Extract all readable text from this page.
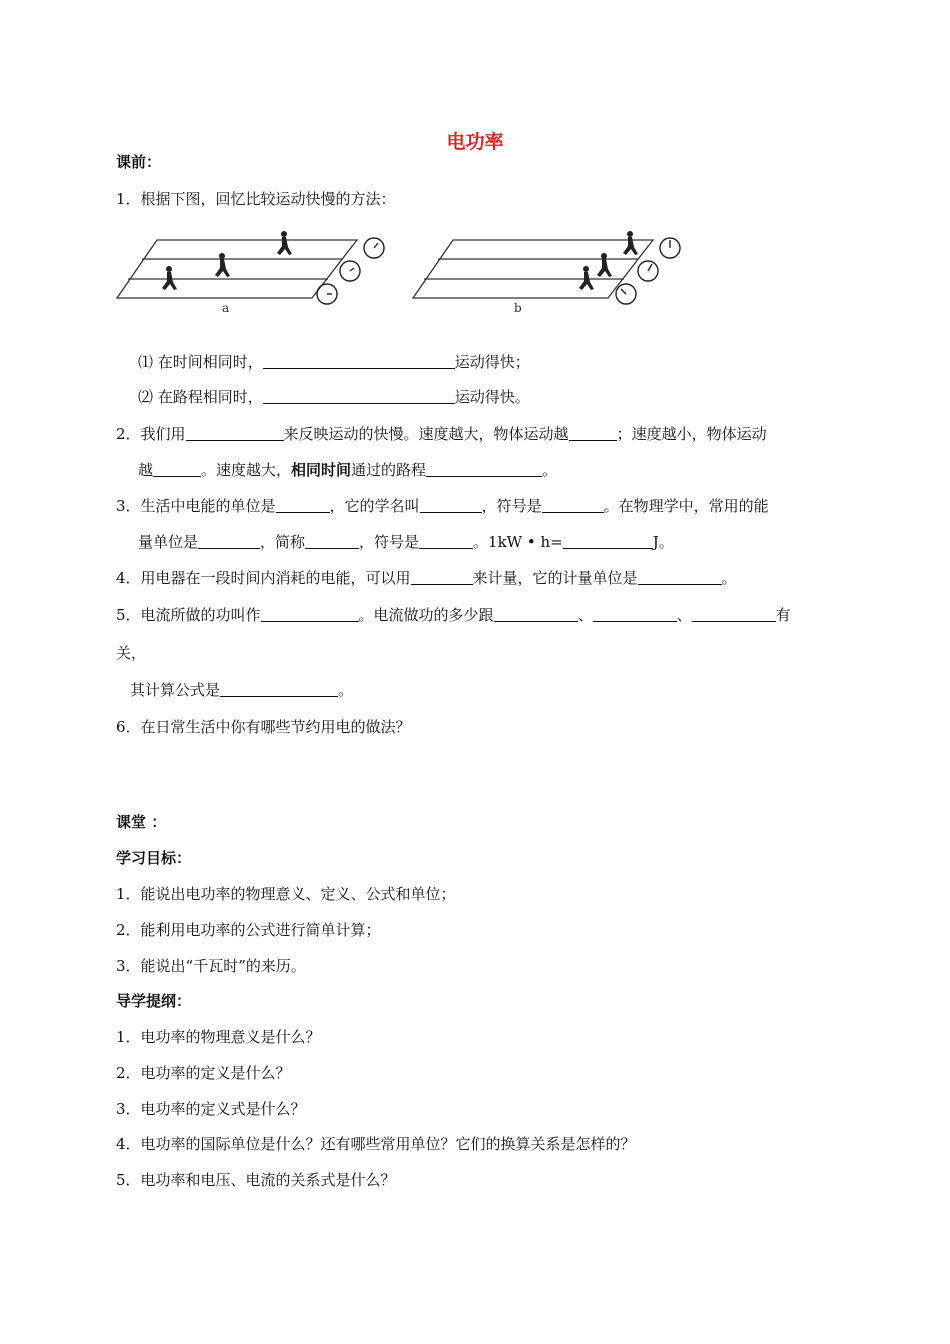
电功率
课前：
1．根据下图，回忆比较运动快慢的方法：
a	b
⑴ 在时间相同时，	运动得快；
⑵ 在路程相同时，	运动得快。
2．我们用	来反映运动的快慢。速度越大，物体运动越	；速度越小，物体运动
越	。速度越大，相同时间通过的路程	。
3．生活中电能的单位是	，它的学名叫	，符号是	。在物理学中，常用的能
量单位是	，简称	，符号是	。1kW • h=	J。
4．用电器在一段时间内消耗的电能，可以用	来计量，它的计量单位是	。
5．电流所做的功叫作	。电流做功的多少跟	、	、	有
关，
其计算公式是	。
6．在日常生活中你有哪些节约用电的做法？
课堂 ：
学习目标：
1．能说出电功率的物理意义、定义、公式和单位；
2．能利用电功率的公式进行简单计算；
3．能说出“千瓦时”的来历。
导学提纲：
1．电功率的物理意义是什么？
2．电功率的定义是什么？
3．电功率的定义式是什么？
4．电功率的国际单位是什么？还有哪些常用单位？它们的换算关系是怎样的？
5．电功率和电压、电流的关系式是什么？
